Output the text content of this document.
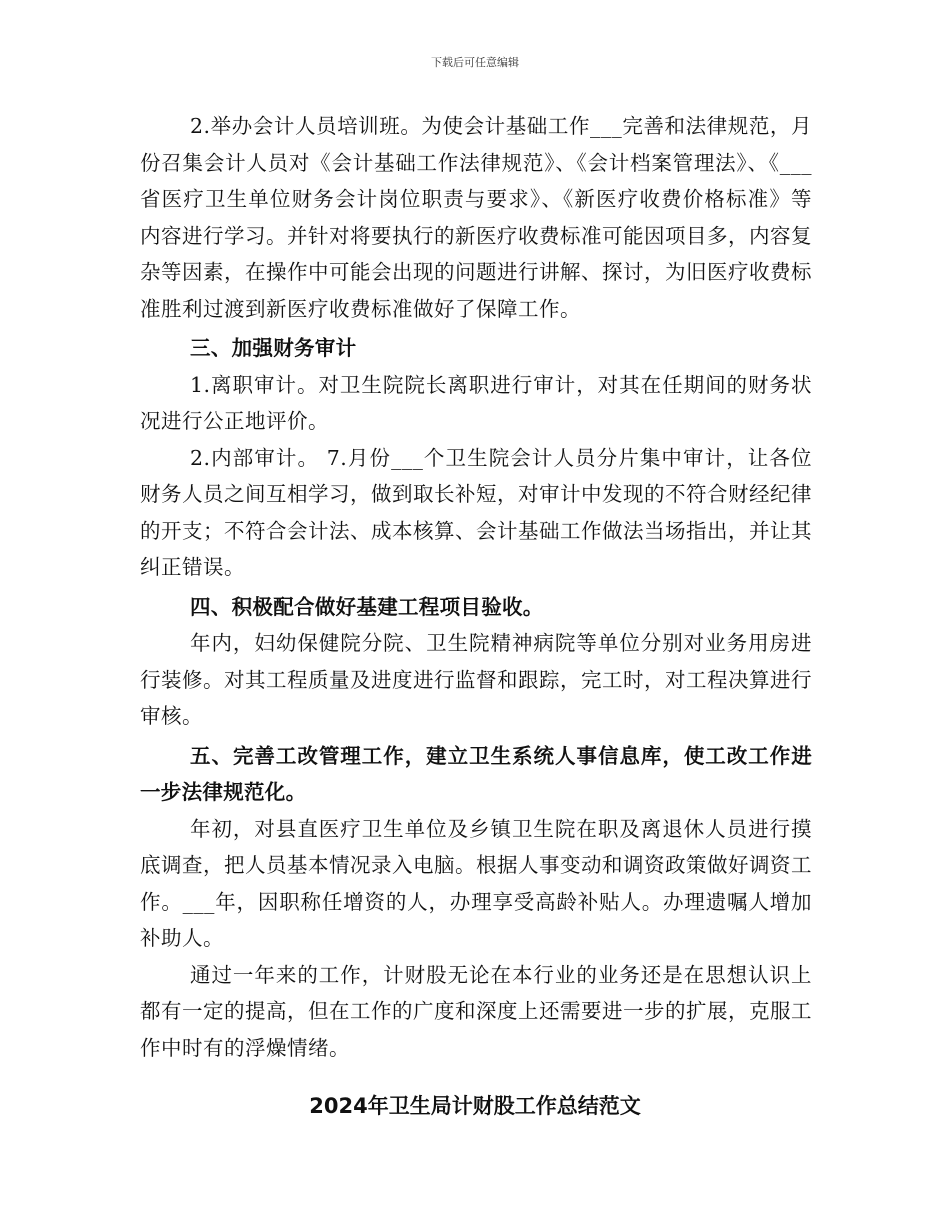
下载后可任意编辑

2.举办会计人员培训班。为使会计基础工作___完善和法律规范，月份召集会计人员对《会计基础工作法律规范》、《会计档案管理法》、《___省医疗卫生单位财务会计岗位职责与要求》、《新医疗收费价格标准》等内容进行学习。并针对将要执行的新医疗收费标准可能因项目多，内容复杂等因素，在操作中可能会出现的问题进行讲解、探讨，为旧医疗收费标准胜利过渡到新医疗收费标准做好了保障工作。

三、加强财务审计

1.离职审计。对卫生院院长离职进行审计，对其在任期间的财务状况进行公正地评价。

2.内部审计。 7.月份___个卫生院会计人员分片集中审计，让各位财务人员之间互相学习，做到取长补短，对审计中发现的不符合财经纪律的开支；不符合会计法、成本核算、会计基础工作做法当场指出，并让其纠正错误。

四、积极配合做好基建工程项目验收。

年内，妇幼保健院分院、卫生院精神病院等单位分别对业务用房进行装修。对其工程质量及进度进行监督和跟踪，完工时，对工程决算进行审核。

五、完善工改管理工作，建立卫生系统人事信息库，使工改工作进一步法律规范化。

年初，对县直医疗卫生单位及乡镇卫生院在职及离退休人员进行摸底调查，把人员基本情况录入电脑。根据人事变动和调资政策做好调资工作。___年，因职称任增资的人，办理享受高龄补贴人。办理遗嘱人增加补助人。

通过一年来的工作，计财股无论在本行业的业务还是在思想认识上都有一定的提高，但在工作的广度和深度上还需要进一步的扩展，克服工作中时有的浮燥情绪。

2024年卫生局计财股工作总结范文
